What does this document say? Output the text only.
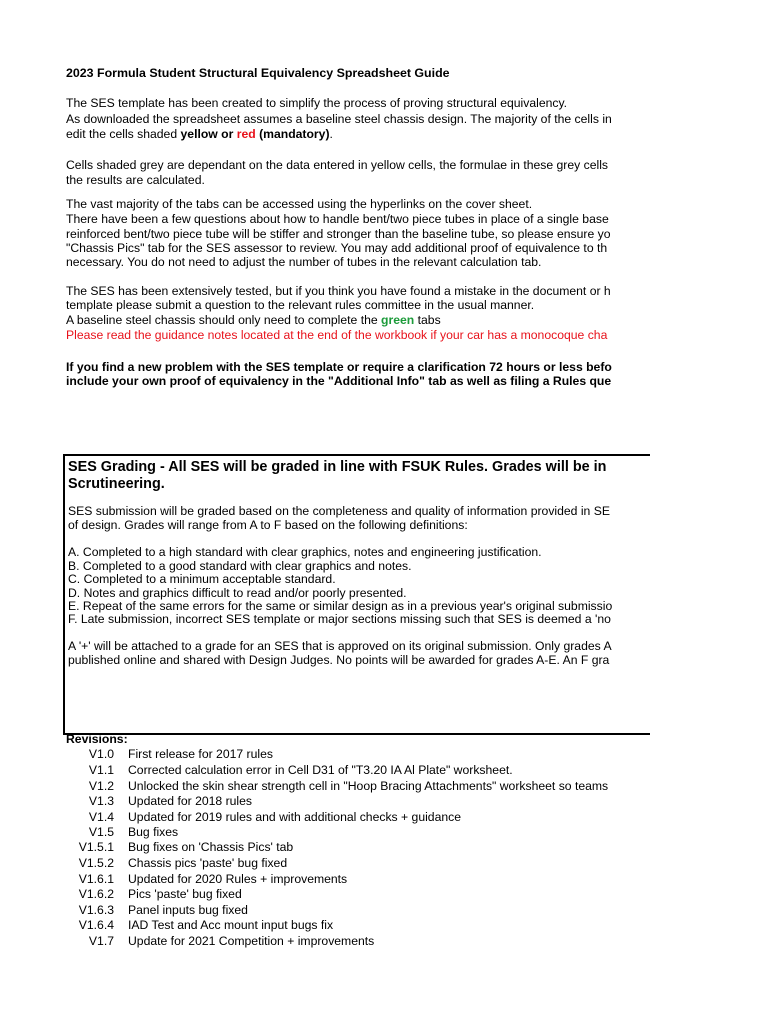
2023 Formula Student Structural Equivalency Spreadsheet Guide
The SES template has been created to simplify the process of proving structural equivalency.
As downloaded the spreadsheet assumes a baseline steel chassis design. The majority of the cells in
edit the cells shaded yellow or red (mandatory).
Cells shaded grey are dependant on the data entered in yellow cells, the formulae in these grey cells
the results are calculated.
The vast majority of the tabs can be accessed using the hyperlinks on the cover sheet.
There have been a few questions about how to handle bent/two piece tubes in place of a single base
reinforced bent/two piece tube will be stiffer and stronger than the baseline tube, so please ensure yo
"Chassis Pics" tab for the SES assessor to review. You may add additional proof of equivalence to th
necessary. You do not need to adjust the number of tubes in the relevant calculation tab.
The SES has been extensively tested, but if you think you have found a mistake in the document or h
template please submit a question to the relevant rules committee in the usual manner.
A baseline steel chassis should only need to complete the green tabs
Please read the guidance notes located at the end of the workbook if your car has a monocoque cha
If you find a new problem with the SES template or require a clarification 72 hours or less befo
include your own proof of equivalency in the "Additional Info" tab as well as filing a Rules que
SES Grading - All SES will be graded in line with FSUK Rules. Grades will be in
Scrutineering.
SES submission will be graded based on the completeness and quality of information provided in SE
of design. Grades will range from A to F based on the following definitions:
A. Completed to a high standard with clear graphics, notes and engineering justification.
B. Completed to a good standard with clear graphics and notes.
C. Completed to a minimum acceptable standard.
D. Notes and graphics difficult to read and/or poorly presented.
E. Repeat of the same errors for the same or similar design as in a previous year's original submissio
F. Late submission, incorrect SES template or major sections missing such that SES is deemed a 'no
A '+' will be attached to a grade for an SES that is approved on its original submission. Only grades A
published online and shared with Design Judges. No points will be awarded for grades A-E. An F gra
Revisions:
V1.0 First release for 2017 rules
V1.1 Corrected calculation error in Cell D31 of "T3.20 IA Al Plate" worksheet.
V1.2 Unlocked the skin shear strength cell in "Hoop Bracing Attachments" worksheet so teams
V1.3 Updated for 2018 rules
V1.4 Updated for 2019 rules and with additional checks + guidance
V1.5 Bug fixes
V1.5.1 Bug fixes on 'Chassis Pics' tab
V1.5.2 Chassis pics 'paste' bug fixed
V1.6.1 Updated for 2020 Rules + improvements
V1.6.2 Pics 'paste' bug fixed
V1.6.3 Panel inputs bug fixed
V1.6.4 IAD Test and Acc mount input bugs fix
V1.7 Update for 2021 Competition + improvements
